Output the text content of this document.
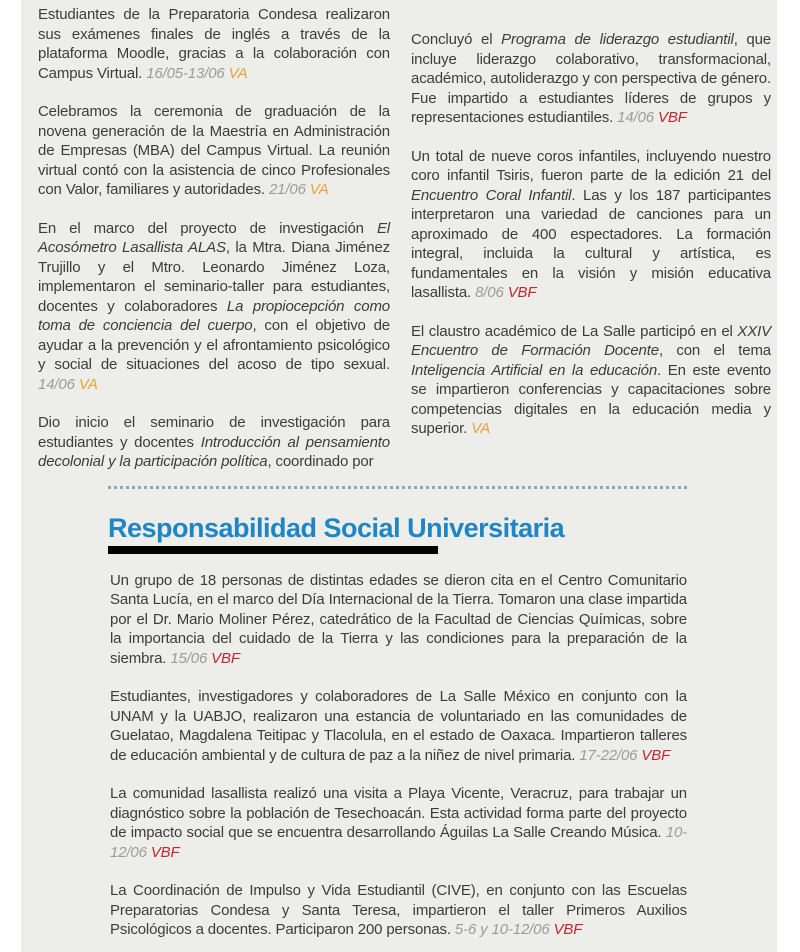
Estudiantes de la Preparatoria Condesa realizaron sus exámenes finales de inglés a través de la plataforma Moodle, gracias a la colaboración con Campus Virtual. 16/05-13/06 VA

Celebramos la ceremonia de graduación de la novena generación de la Maestría en Administración de Empresas (MBA) del Campus Virtual. La reunión virtual contó con la asistencia de cinco Profesionales con Valor, familiares y autoridades. 21/06 VA

En el marco del proyecto de investigación El Acosómetro Lasallista ALAS, la Mtra. Diana Jiménez Trujillo y el Mtro. Leonardo Jiménez Loza, implementaron el seminario-taller para estudiantes, docentes y colaboradores La propiocepción como toma de conciencia del cuerpo, con el objetivo de ayudar a la prevención y el afrontamiento psicológico y social de situaciones del acoso de tipo sexual. 14/06 VA

Dio inicio el seminario de investigación para estudiantes y docentes Introducción al pensamiento decolonial y la participación política, coordinado por

Concluyó el Programa de liderazgo estudiantil, que incluye liderazgo colaborativo, transformacional, académico, autoliderazgo y con perspectiva de género. Fue impartido a estudiantes líderes de grupos y representaciones estudiantiles. 14/06 VBF

Un total de nueve coros infantiles, incluyendo nuestro coro infantil Tsiris, fueron parte de la edición 21 del Encuentro Coral Infantil. Las y los 187 participantes interpretaron una variedad de canciones para un aproximado de 400 espectadores. La formación integral, incluida la cultural y artística, es fundamentales en la visión y misión educativa lasallista. 8/06 VBF

El claustro académico de La Salle participó en el XXIV Encuentro de Formación Docente, con el tema Inteligencia Artificial en la educación. En este evento se impartieron conferencias y capacitaciones sobre competencias digitales en la educación media y superior. VA

Responsabilidad Social Universitaria

Un grupo de 18 personas de distintas edades se dieron cita en el Centro Comunitario Santa Lucía, en el marco del Día Internacional de la Tierra. Tomaron una clase impartida por el Dr. Mario Moliner Pérez, catedrático de la Facultad de Ciencias Químicas, sobre la importancia del cuidado de la Tierra y las condiciones para la preparación de la siembra. 15/06 VBF

Estudiantes, investigadores y colaboradores de La Salle México en conjunto con la UNAM y la UABJO, realizaron una estancia de voluntariado en las comunidades de Guelatao, Magdalena Teitipac y Tlacolula, en el estado de Oaxaca. Impartieron talleres de educación ambiental y de cultura de paz a la niñez de nivel primaria. 17-22/06 VBF

La comunidad lasallista realizó una visita a Playa Vicente, Veracruz, para trabajar un diagnóstico sobre la población de Tesechoacán. Esta actividad forma parte del proyecto de impacto social que se encuentra desarrollando Águilas La Salle Creando Música. 10-12/06 VBF

La Coordinación de Impulso y Vida Estudiantil (CIVE), en conjunto con las Escuelas Preparatorias Condesa y Santa Teresa, impartieron el taller Primeros Auxilios Psicológicos a docentes. Participaron 200 personas. 5-6 y 10-12/06 VBF
